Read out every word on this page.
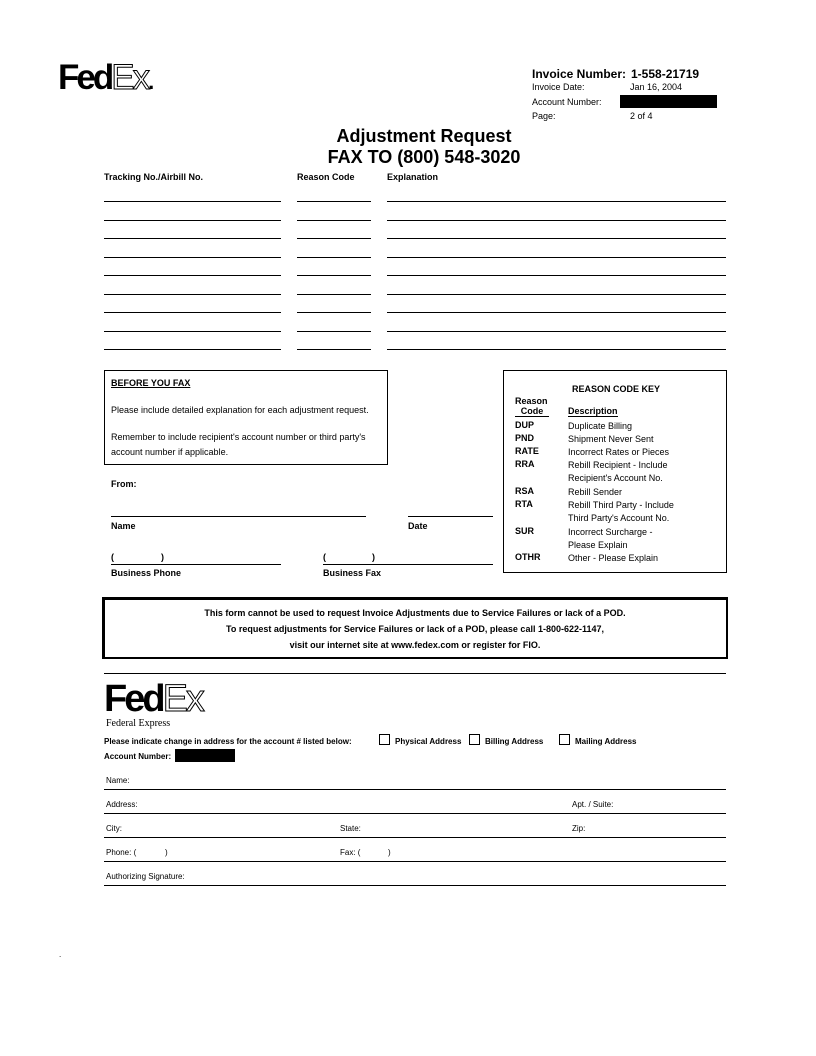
FedEx.	Invoice Number: 1-558-21719
Invoice Date:	Jan 16, 2004
Account Number:
Page:	2 of 4
Adjustment Request
FAX TO (800) 548-3020
Tracking No./Airbill No.	Reason Code	Explanation
BEFORE YOU FAX
Please include detailed explanation for each adjustment request.
Remember to include recipient's account number or third party's
account number if applicable.
From:
Name	Date
(	)
Business Phone
(	)
Business Fax
REASON CODE KEY
Reason
Code	Description
DUP	Duplicate Billing
PND	Shipment Never Sent
RATE	Incorrect Rates or Pieces
RRA	Rebill Recipient - Include Recipient's Account No.
RSA	Rebill Sender
RTA	Rebill Third Party - Include Third Party's Account No.
SUR	Incorrect Surcharge - Please Explain
OTHR	Other - Please Explain
This form cannot be used to request Invoice Adjustments due to Service Failures or lack of a POD.
To request adjustments for Service Failures or lack of a POD, please call 1-800-622-1147,
visit our internet site at www.fedex.com or register for FIO.
FedEx
Federal Express
Please indicate change in address for the account # listed below:	Physical Address	Billing Address	Mailing Address
Account Number:
Name:
Address:	Apt. / Suite:
City:	State:	Zip:
Phone: (	)	Fax: (	)
Authorizing Signature:
.
